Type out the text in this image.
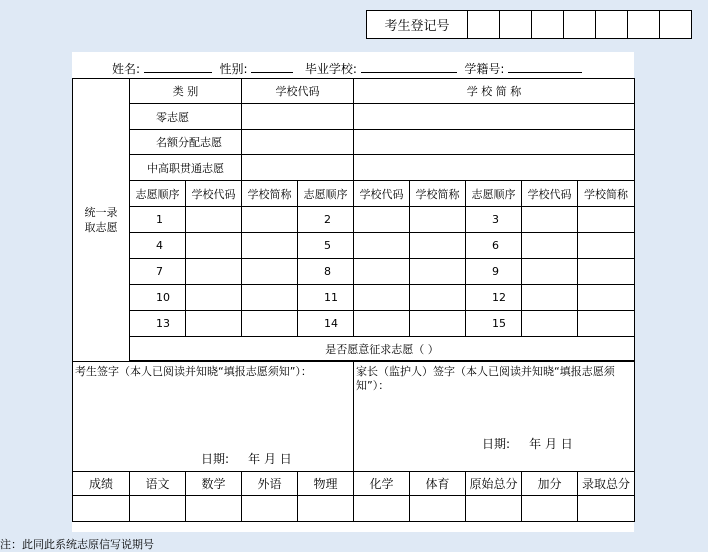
考生登记号							
姓名:	性别:	毕业学校:	学籍号:
统一录取志愿	类 别		学校代码		学 校 简 称				
	零志愿								
	名额分配志愿								
	中高职贯通志愿								
	志愿顺序	学校代码	学校简称	志愿顺序	学校代码	学校简称	志愿顺序	学校代码	学校简称
	1			2			3		
	4			5			6		
	7			8			9		
	10			11			12		
	13			14			15		
	是否愿意征求志愿（ ）								

考生签字（本人已阅读并知晓“填报志愿须知”）：
日期: 年 月 日					家长（监护人）签字（本人已阅读并知晓“填报志愿须知”）：
日期: 年 月 日				

成绩	语文	数学	外语	物理	化学	体育	原始总分	加分	录取总分

注：此同此系统志原信写说期号
